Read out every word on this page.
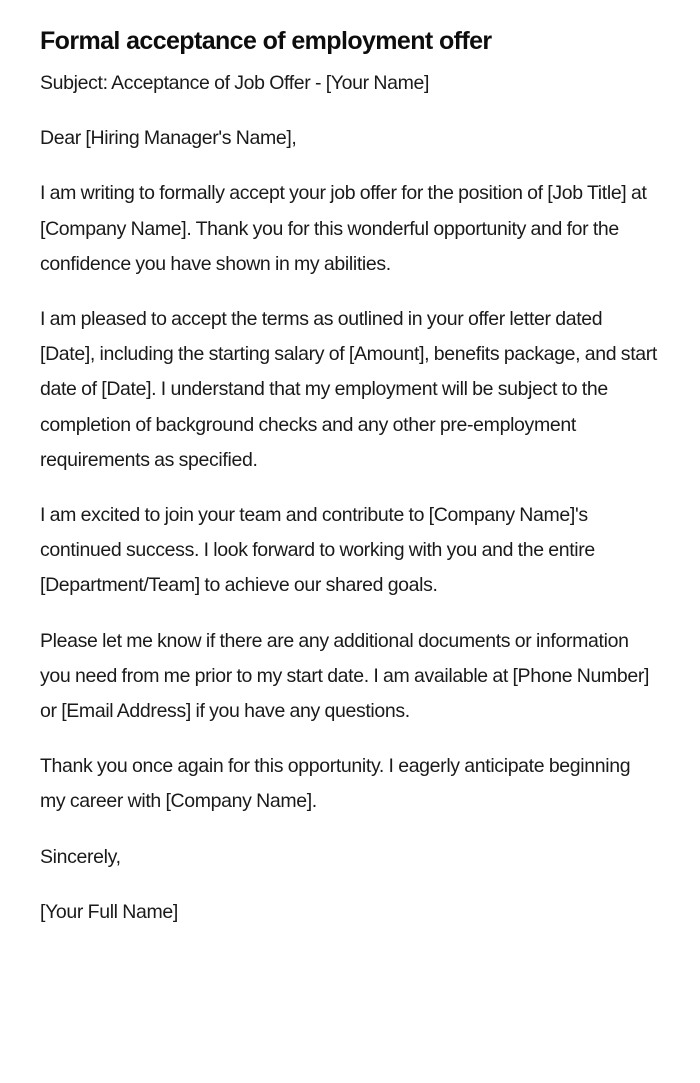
Formal acceptance of employment offer

Subject: Acceptance of Job Offer - [Your Name]

Dear [Hiring Manager's Name],

I am writing to formally accept your job offer for the position of [Job Title] at [Company Name]. Thank you for this wonderful opportunity and for the confidence you have shown in my abilities.

I am pleased to accept the terms as outlined in your offer letter dated [Date], including the starting salary of [Amount], benefits package, and start date of [Date]. I understand that my employment will be subject to the completion of background checks and any other pre-employment requirements as specified.

I am excited to join your team and contribute to [Company Name]'s continued success. I look forward to working with you and the entire [Department/Team] to achieve our shared goals.

Please let me know if there are any additional documents or information you need from me prior to my start date. I am available at [Phone Number] or [Email Address] if you have any questions.

Thank you once again for this opportunity. I eagerly anticipate beginning my career with [Company Name].

Sincerely,

[Your Full Name]
